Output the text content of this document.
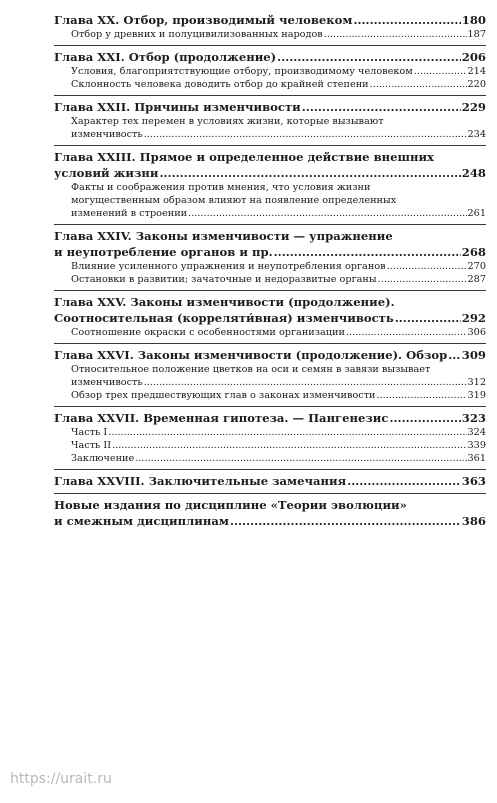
Глава XX. Отбор, производимый человеком .....	180
Отбор у древних и полуцивилизованных народов .....	187
Глава XXI. Отбор (продолжение) .....	206
Условия, благоприятствующие отбору, производимому человеком .....	214
Склонность человека доводить отбор до крайней степени .....	220
Глава XXII. Причины изменчивости .....	229
Характер тех перемен в условиях жизни, которые вызывают
изменчивость .....	234
Глава XXIII. Прямое и определенное действие внешних
условий жизни .....	248
Факты и соображения против мнения, что условия жизни
могущественным образом влияют на появление определенных
изменений в строении .....	261
Глава XXIV. Законы изменчивости — упражнение
и неупотребление органов и пр. .....	268
Влияние усиленного упражнения и неупотребления органов .....	270
Остановки в развитии; зачаточные и недоразвитые органы .....	287
Глава XXV. Законы изменчивости (продолжение).
Соотносительная (корреляти́вная) изменчивость .....	292
Соотношение окраски с особенностями организации .....	306
Глава XXVI. Законы изменчивости (продолжение). Обзор ..... 309
Относительное положение цветков на оси и семян в завязи вызывает
изменчивость .....	312
Обзор трех предшествующих глав о законах изменчивости .....	319
Глава XXVII. Временная гипотеза. — Пангенезис .....	323
Часть I .....	324
Часть II .....	339
Заключение .....	361
Глава XXVIII. Заключительные замечания .....	363
Новые издания по дисциплине «Теории эволюции»
и смежным дисциплинам .....	386
https://urait.ru
